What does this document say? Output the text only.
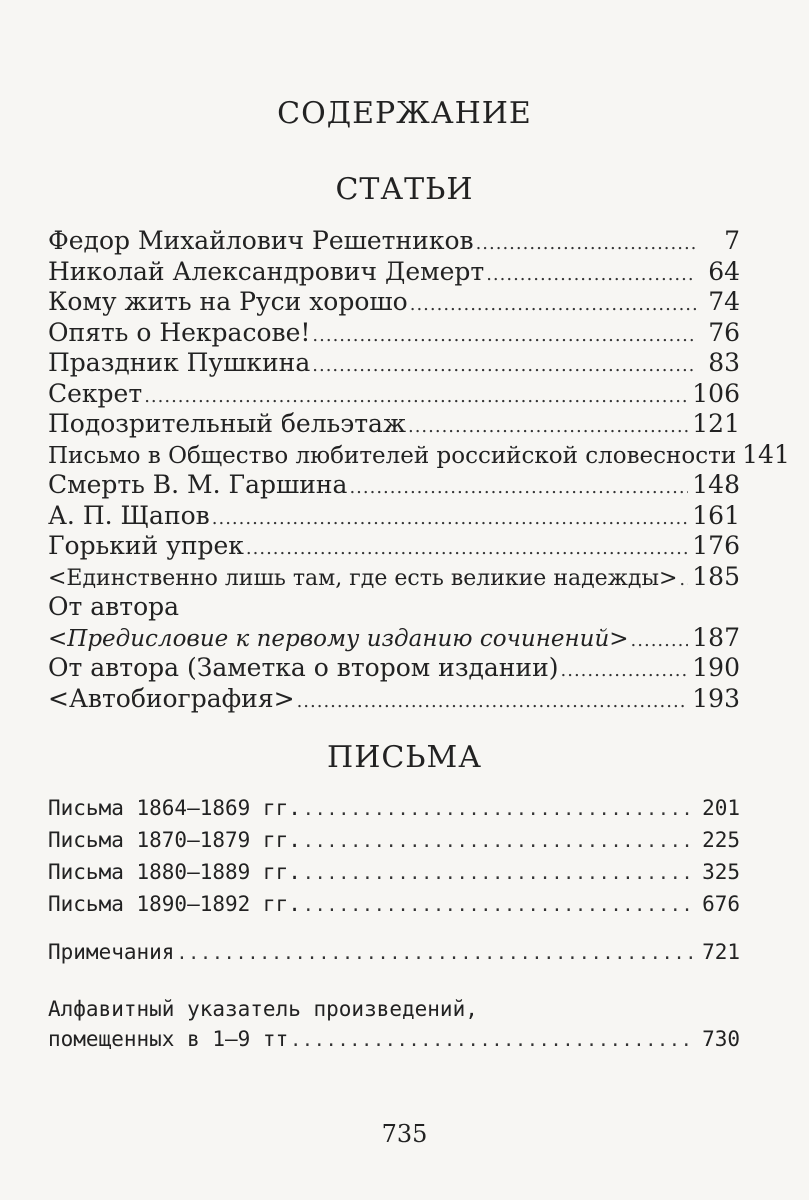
СОДЕРЖАНИЕ
СТАТЬИ
Федор Михайлович Решетников .....	7
Николай Александрович Демерт .....	64
Кому жить на Руси хорошо .....	74
Опять о Некрасове! .....	76
Праздник Пушкина .....	83
Секрет .....	106
Подозрительный бельэтаж .....	121
Письмо в Общество любителей российской словесности 141
Смерть В. М. Гаршина .....	148
А. П. Щапов .....	161
Горький упрек .....	176
<Единственно лишь там, где есть великие надежды> ..... 185
От автора
<Предисловие к первому изданию сочинений> .....	187
От автора (Заметка о втором издании) .....	190
<Автобиография> .....	193
ПИСЬМА
Письма 1864—1869 гг. .....	201
Письма 1870—1879 гг. .....	225
Письма 1880—1889 гг. .....	325
Письма 1890—1892 гг. .....	676
Примечания .....	721
Алфавитный указатель произведений,
помещенных в 1—9 тт .....	730
735
